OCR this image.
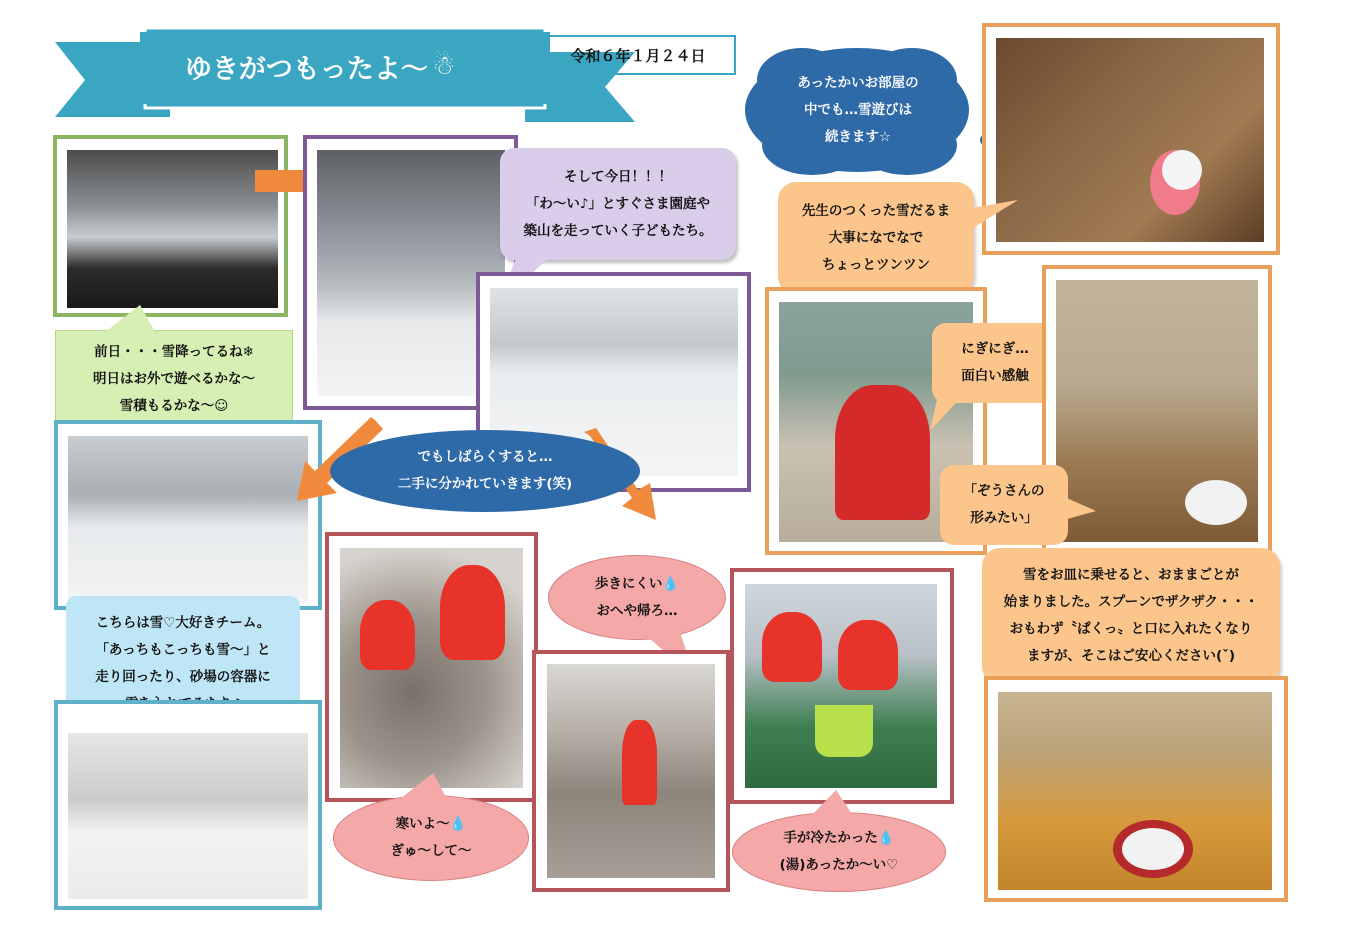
ゆきがつもったよ〜 ☃	令和６年１月２４日
そして今日！！！
「わ〜い♪」とすぐさま園庭や
築山を走っていく子どもたち。
前日・・・雪降ってるね❄
明日はお外で遊べるかな〜
雪積もるかな〜☺
でもしばらくすると…
二手に分かれていきます(笑)
こちらは雪♡大好きチーム。
「あっちもこっちも雪〜」と
走り回ったり、砂場の容器に
寒いよ〜💧
ぎゅ〜して〜
歩きにくい💧
おへや帰ろ…
手が冷たかった💧
(湯)あったか〜い♡
あったかいお部屋の
中でも…雪遊びは
続きます☆
先生のつくった雪だるま
大事になでなで
ちょっとツンツン
にぎにぎ…
面白い感触
「ぞうさんの
形みたい」
雪をお皿に乗せると、おままごとが
始まりました。スプーンでザクザク・・・
おもわず〝ぱくっ〟と口に入れたくなり
ますが、そこはご安心ください(ˇ)
